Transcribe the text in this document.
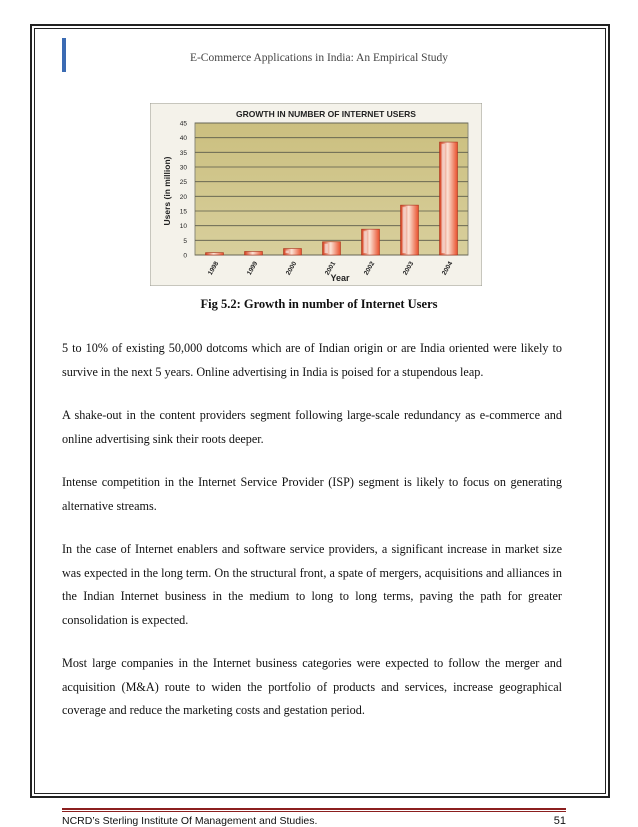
E-Commerce Applications in India: An Empirical Study
GROWTH IN NUMBER OF INTERNET USERS
Users (in million)
Year
0
5
10
15
20
25
30
35
40
45
1998	1999	2000	2001	2002	2003	2004
Fig 5.2: Growth in number of Internet Users

5 to 10% of existing 50,000 dotcoms which are of Indian origin or are India oriented were likely to survive in the next 5 years. Online advertising in India is poised for a stupendous leap.

A shake-out in the content providers segment following large-scale redundancy as e-commerce and online advertising sink their roots deeper.

Intense competition in the Internet Service Provider (ISP) segment is likely to focus on generating alternative streams.

In the case of Internet enablers and software service providers, a significant increase in market size was expected in the long term. On the structural front, a spate of mergers, acquisitions and alliances in the Indian Internet business in the medium to long to long terms, paving the path for greater consolidation is expected.

Most large companies in the Internet business categories were expected to follow the merger and acquisition (M&A) route to widen the portfolio of products and services, increase geographical coverage and reduce the marketing costs and gestation period.

NCRD’s Sterling Institute Of Management and Studies.	51
